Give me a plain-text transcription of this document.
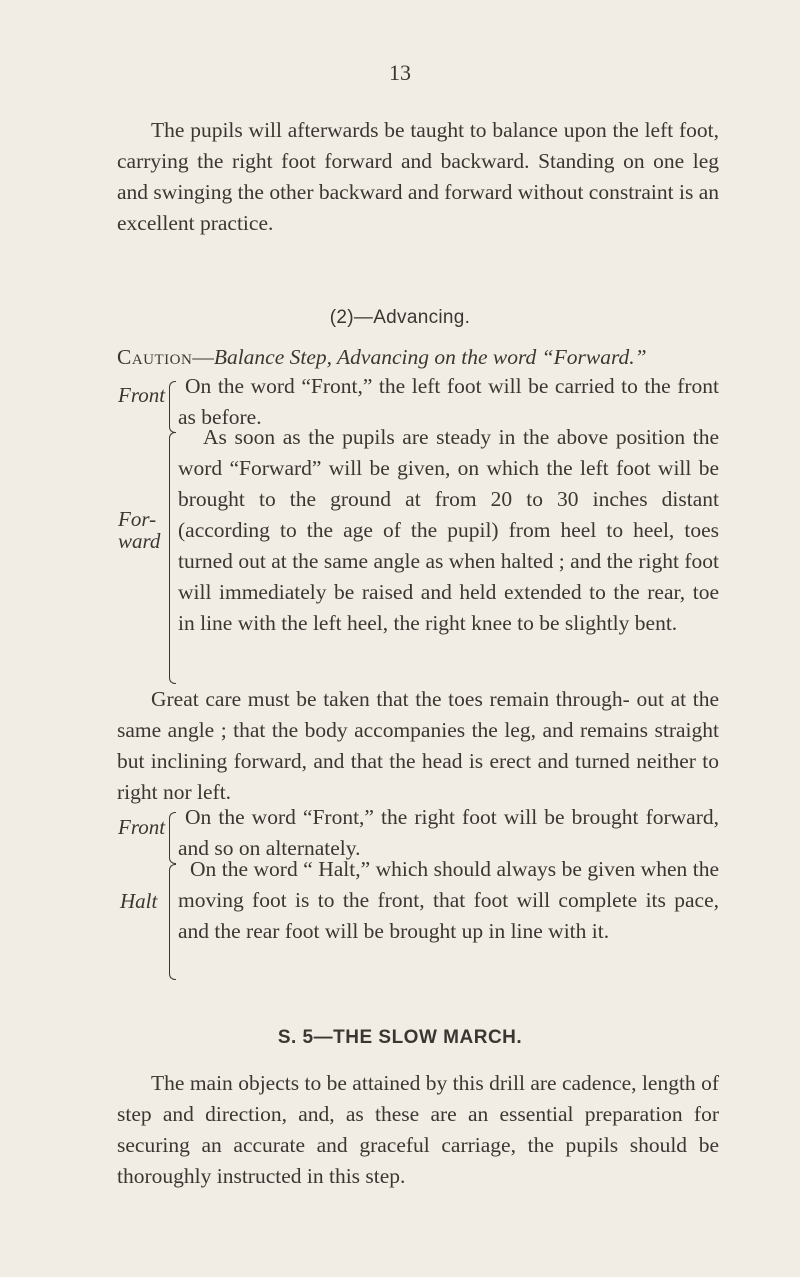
13

The pupils will afterwards be taught to balance upon the left foot, carrying the right foot forward and backward. Standing on one leg and swinging the other backward and forward without constraint is an excellent practice.

(2)—Advancing.
Caution—Balance Step, Advancing on the word “Forward.”
Front On the word “Front,” the left foot will be carried to the front as before.

For- ward

As soon as the pupils are steady in the above position the word “Forward” will be given, on which the left foot will be brought to the ground at from 20 to 30 inches distant (according to the age of the pupil) from heel to heel, toes turned out at the same angle as when halted ; and the right foot will immediately be raised and held extended to the rear, toe in line with the left heel, the right knee to be slightly bent.

Great care must be taken that the toes remain through- out at the same angle ; that the body accompanies the leg, and remains straight but inclining forward, and that the head is erect and turned neither to right nor left.

Front On the word “Front,” the right foot will be brought forward, and so on alternately.

Halt

On the word “ Halt,” which should always be given when the moving foot is to the front, that foot will complete its pace, and the rear foot will be brought up in line with it.

S. 5—THE SLOW MARCH.

The main objects to be attained by this drill are cadence, length of step and direction, and, as these are an essential preparation for securing an accurate and graceful carriage, the pupils should be thoroughly instructed in this step.
